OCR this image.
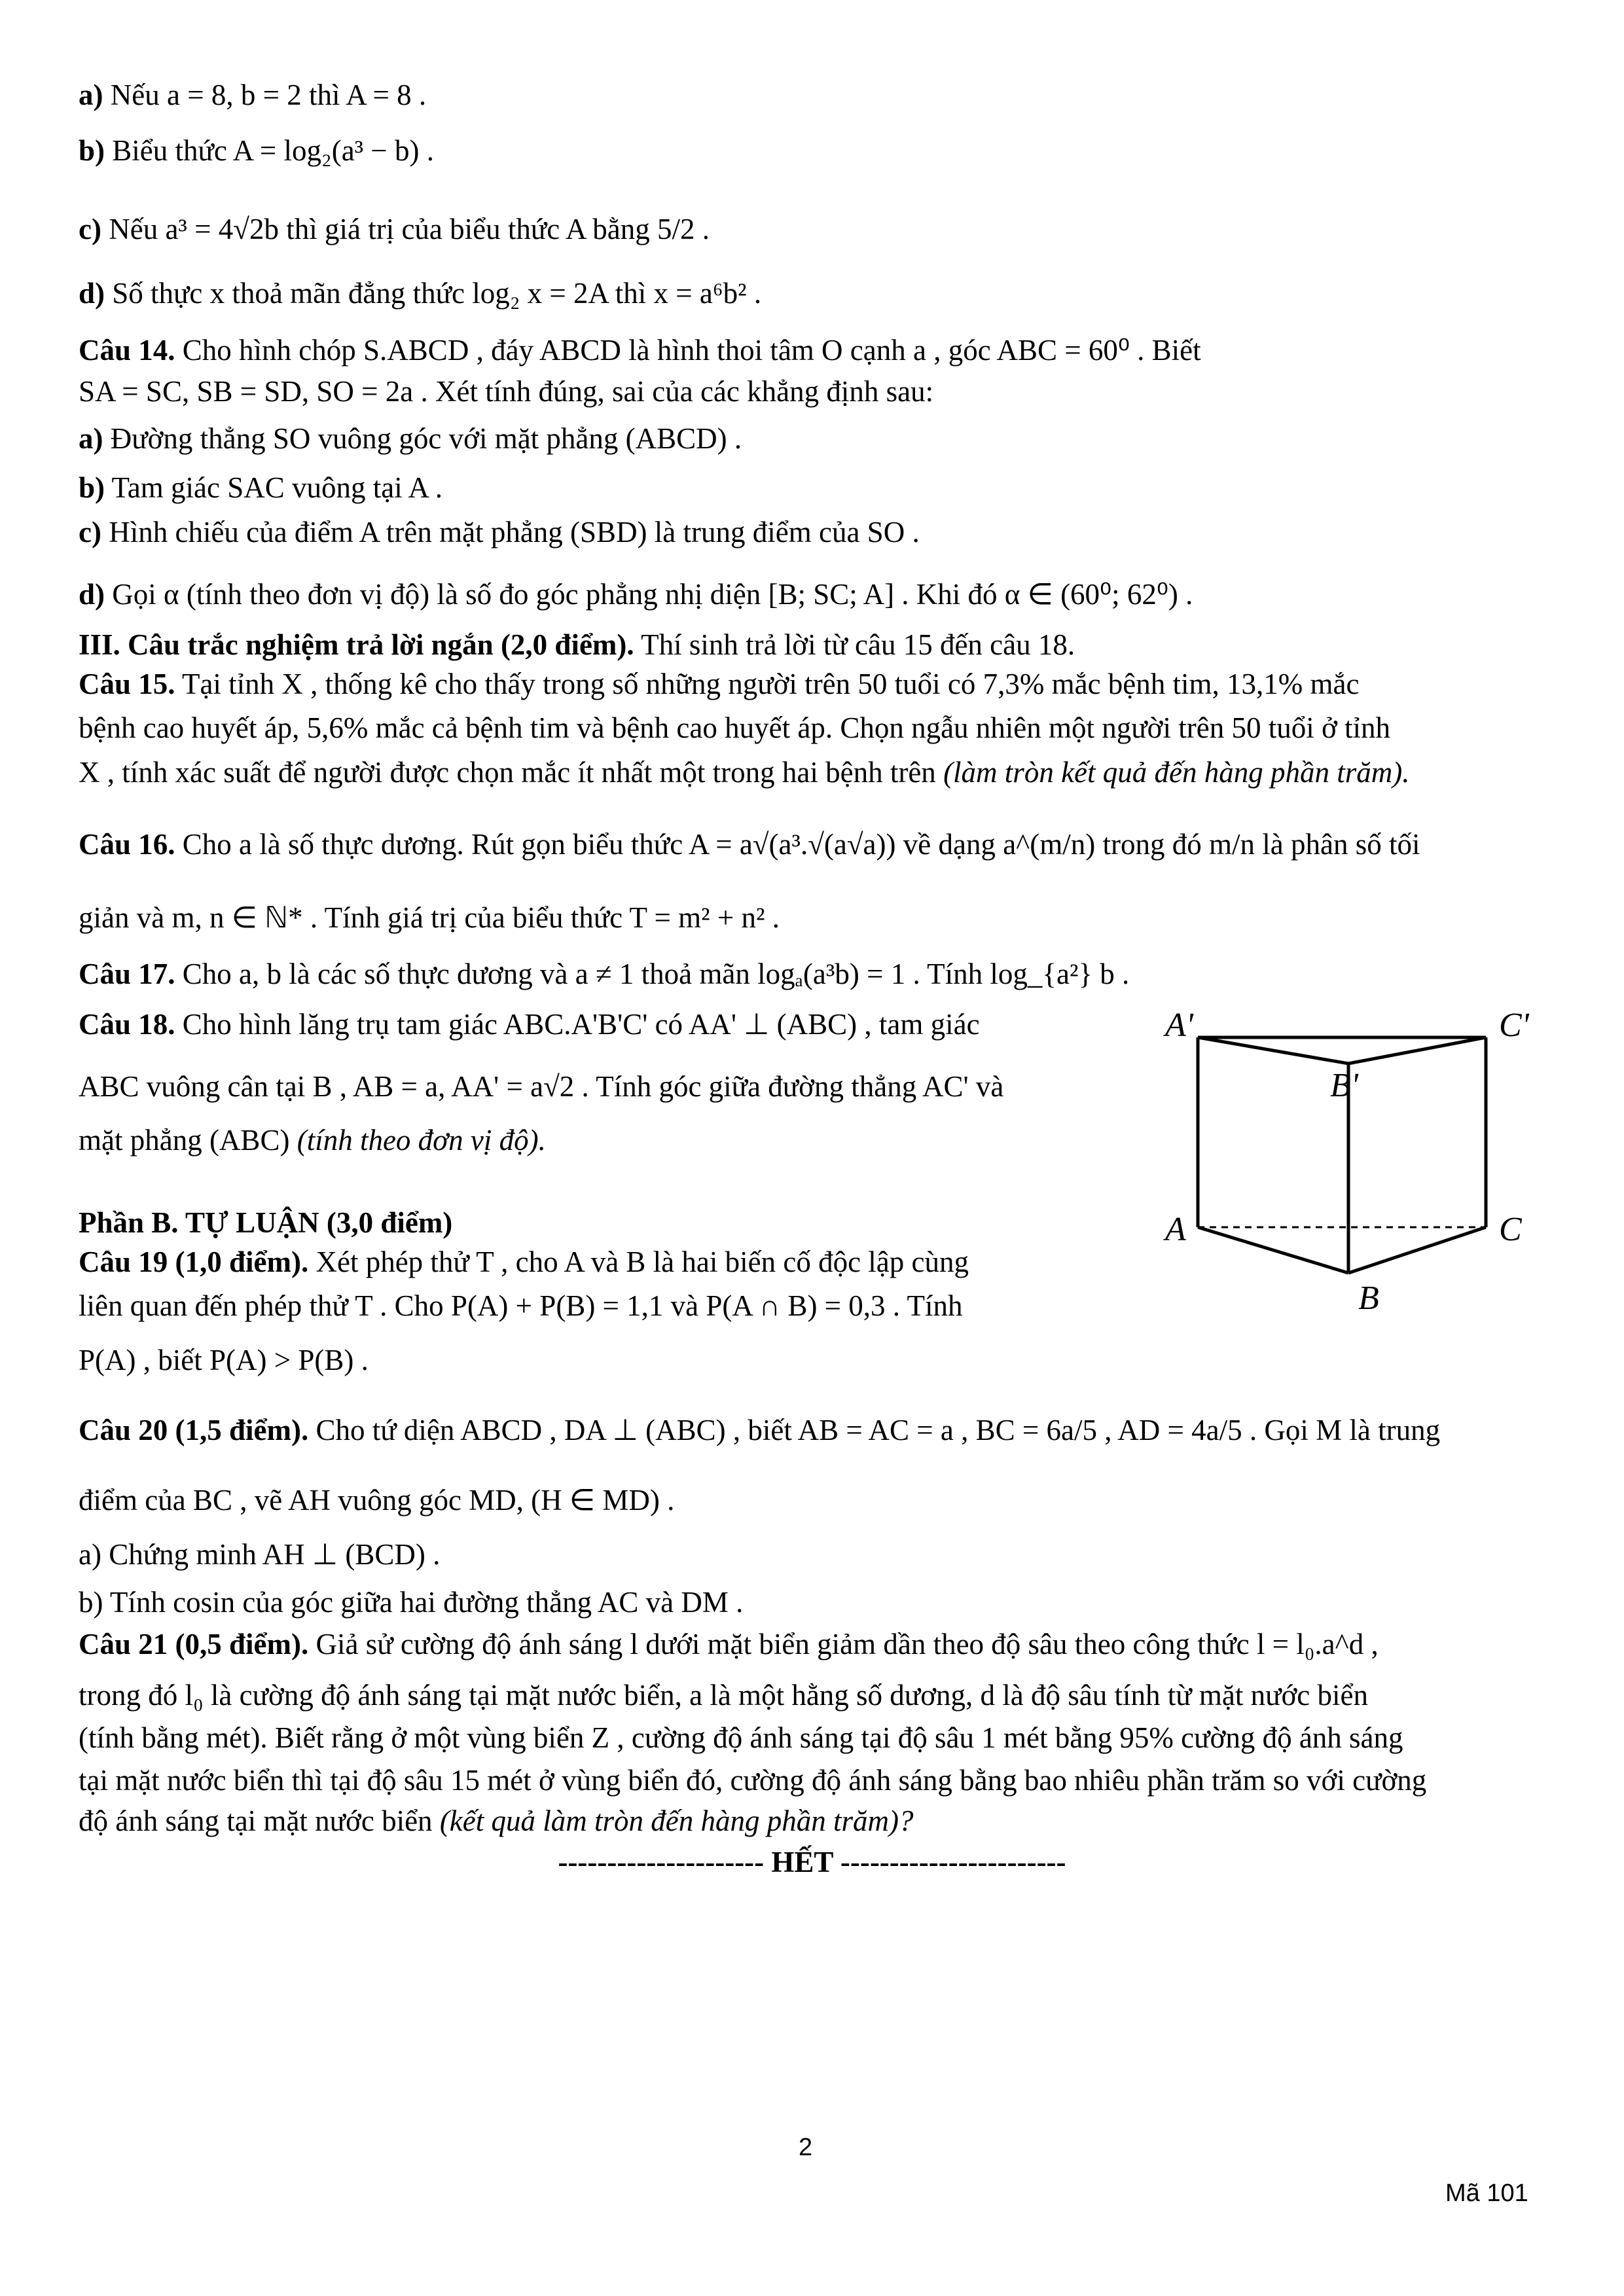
a) Nếu a = 8, b = 2 thì A = 8 .
b) Biểu thức A = log₂(a³ − b) .
c) Nếu a³ = 4√2b thì giá trị của biểu thức A bằng 5/2 .
d) Số thực x thoả mãn đẳng thức log₂ x = 2A thì x = a⁶b² .
Câu 14. Cho hình chóp S.ABCD , đáy ABCD là hình thoi tâm O cạnh a , góc ABC = 60⁰ . Biết
SA = SC, SB = SD, SO = 2a . Xét tính đúng, sai của các khẳng định sau:
a) Đường thẳng SO vuông góc với mặt phẳng (ABCD) .
b) Tam giác SAC vuông tại A .
c) Hình chiếu của điểm A trên mặt phẳng (SBD) là trung điểm của SO .
d) Gọi α (tính theo đơn vị độ) là số đo góc phẳng nhị diện [B; SC; A] . Khi đó α ∈ (60⁰; 62⁰) .
III. Câu trắc nghiệm trả lời ngắn (2,0 điểm). Thí sinh trả lời từ câu 15 đến câu 18.
Câu 15. Tại tỉnh X , thống kê cho thấy trong số những người trên 50 tuổi có 7,3% mắc bệnh tim, 13,1% mắc
bệnh cao huyết áp, 5,6% mắc cả bệnh tim và bệnh cao huyết áp. Chọn ngẫu nhiên một người trên 50 tuổi ở tỉnh
X , tính xác suất để người được chọn mắc ít nhất một trong hai bệnh trên (làm tròn kết quả đến hàng phần trăm).
Câu 16. Cho a là số thực dương. Rút gọn biểu thức A = a√(a³.√(a√a)) về dạng a^(m/n) trong đó m/n là phân số tối
giản và m, n ∈ ℕ* . Tính giá trị của biểu thức T = m² + n² .
Câu 17. Cho a, b là các số thực dương và a ≠ 1 thoả mãn logₐ(a³b) = 1 . Tính log_{a²} b .
Câu 18. Cho hình lăng trụ tam giác ABC.A'B'C' có AA' ⊥ (ABC) , tam giác
ABC vuông cân tại B , AB = a, AA' = a√2 . Tính góc giữa đường thẳng AC' và
mặt phẳng (ABC) (tính theo đơn vị độ).
Phần B. TỰ LUẬN (3,0 điểm)
Câu 19 (1,0 điểm). Xét phép thử T , cho A và B là hai biến cố độc lập cùng
liên quan đến phép thử T . Cho P(A) + P(B) = 1,1 và P(A ∩ B) = 0,3 . Tính
P(A) , biết P(A) > P(B) .
Câu 20 (1,5 điểm). Cho tứ diện ABCD , DA ⊥ (ABC) , biết AB = AC = a , BC = 6a/5 , AD = 4a/5 . Gọi M là trung
điểm của BC , vẽ AH vuông góc MD, (H ∈ MD) .
a) Chứng minh AH ⊥ (BCD) .
b) Tính cosin của góc giữa hai đường thẳng AC và DM .
Câu 21 (0,5 điểm). Giả sử cường độ ánh sáng l dưới mặt biển giảm dần theo độ sâu theo công thức l = l₀.a^d ,
trong đó l₀ là cường độ ánh sáng tại mặt nước biển, a là một hằng số dương, d là độ sâu tính từ mặt nước biển
(tính bằng mét). Biết rằng ở một vùng biển Z , cường độ ánh sáng tại độ sâu 1 mét bằng 95% cường độ ánh sáng
tại mặt nước biển thì tại độ sâu 15 mét ở vùng biển đó, cường độ ánh sáng bằng bao nhiêu phần trăm so với cường
độ ánh sáng tại mặt nước biển (kết quả làm tròn đến hàng phần trăm)?
--------------------- HẾT -----------------------
A'	C'
B'
A	C
B
2
Mã 101
